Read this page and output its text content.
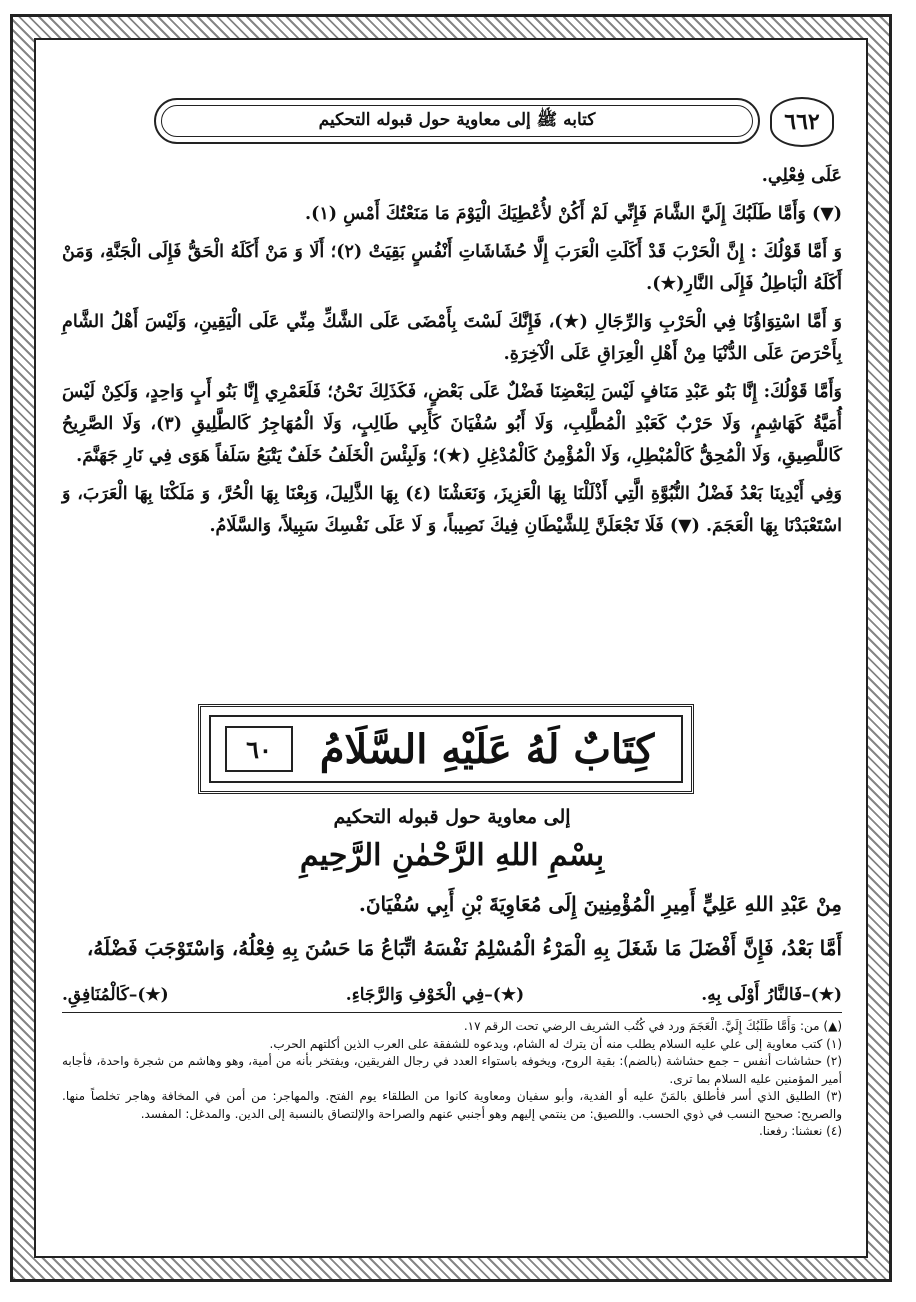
٦٦٢
كتابه ﷺ إلى معاوية حول قبوله التحكيم

عَلَى فِعْلِي.

(▼) وَأَمَّا طَلَبُكَ إِلَيَّ الشَّامَ فَإِنِّي لَمْ أَكُنْ لأُعْطِيَكَ الْيَوْمَ مَا مَنَعْتُكَ أَمْسِ (١).

وَ أَمَّا قَوْلُكَ : إِنَّ الْحَرْبَ قَدْ أَكَلَتِ الْعَرَبَ إِلَّا حُشَاشَاتِ أَنْفُسٍ بَقِيَتْ (٢)؛ أَلَا وَ مَنْ أَكَلَهُ الْحَقُّ فَإِلَى الْجَنَّةِ، وَمَنْ أَكَلَهُ الْبَاطِلُ فَإِلَى النَّارِ(★).

وَ أَمَّا اسْتِوَاؤُنَا فِي الْحَرْبِ وَالرِّجَالِ (★)، فَإِنَّكَ لَسْتَ بِأَمْضَى عَلَى الشَّكِّ مِنِّي عَلَى الْيَقِينِ، وَلَيْسَ أَهْلُ الشَّامِ بِأَحْرَصَ عَلَى الدُّنْيَا مِنْ أَهْلِ الْعِرَاقِ عَلَى الْآخِرَةِ.

وَأَمَّا قَوْلُكَ: إِنَّا بَنُو عَبْدِ مَنَافٍ لَيْسَ لِبَعْضِنَا فَضْلٌ عَلَى بَعْضٍ، فَكَذَلِكَ نَحْنُ؛ فَلَعَمْرِي إِنَّا بَنُو أَبٍ وَاحِدٍ، وَلَكِنْ لَيْسَ أُمَيَّةُ كَهَاشِمٍ، وَلَا حَرْبٌ كَعَبْدِ الْمُطَّلِبِ، وَلَا أَبُو سُفْيَانَ كَأَبِي طَالِبٍ، وَلَا الْمُهَاجِرُ كَالطَّلِيقِ (٣)، وَلَا الصَّرِيحُ كَاللَّصِيقِ، وَلَا الْمُحِقُّ كَالْمُبْطِلِ، وَلَا الْمُؤْمِنُ كَالْمُدْغِلِ (★)؛ وَلَبِئْسَ الْخَلَفُ خَلَفٌ يَتْبَعُ سَلَفاً هَوَى فِي نَارِ جَهَنَّمَ.

وَفِي أَيْدِينَا بَعْدُ فَضْلُ النُّبُوَّةِ الَّتِي أَذْلَلْنَا بِهَا الْعَزِيزَ، وَنَعَشْنَا (٤) بِهَا الذَّلِيلَ، وَبِعْنَا بِهَا الْحُرَّ، وَ مَلَكْنَا بِهَا الْعَرَبَ، وَ اسْتَعْبَدْنَا بِهَا الْعَجَمَ. (▼) فَلَا تَجْعَلَنَّ لِلشَّيْطَانِ فِيكَ نَصِيباً، وَ لَا عَلَى نَفْسِكَ سَبِيلاً، وَالسَّلَامُ.

كِتَابٌ لَهُ عَلَيْهِ السَّلَامُ
٦٠
إلى معاوية حول قبوله التحكيم
بِسْمِ اللهِ الرَّحْمٰنِ الرَّحِيمِ
مِنْ عَبْدِ اللهِ عَلِيٍّ أَمِيرِ الْمُؤْمِنِينَ إِلَى مُعَاوِيَةَ بْنِ أَبِي سُفْيَانَ.
أَمَّا بَعْدُ، فَإِنَّ أَفْضَلَ مَا شَغَلَ بِهِ الْمَرْءُ الْمُسْلِمُ نَفْسَهُ اتِّبَاعُ مَا حَسُنَ بِهِ فِعْلُهُ، وَاسْتَوْجَبَ فَضْلَهُ،
(★)–فَالنَّارُ أَوْلَى بِهِ.
(★)–فِي الْخَوْفِ وَالرَّجَاءِ.
(★)–كَالْمُنَافِقِ.

(▲) من: وَأَمَّا طَلَبُكَ إِلَيَّ. الْعَجَمَ ورد في كُتُب الشريف الرضي تحت الرقم ١٧.

(١) كتب معاوية إلى علي عليه السلام يطلب منه أن يترك له الشام، ويدعوه للشفقة على العرب الذين أكلتهم الحرب.

(٢) حشاشات أنفس – جمع حشاشة (بالضم): بقية الروح، ويخوفه باستواء العدد في رجال الفريقين، ويفتخر بأنه من أمية، وهو وهاشم من شجرة واحدة، فأجابه أمير المؤمنين عليه السلام بما ترى.

(٣) الطليق الذي أسر فأطلق بالمَنّ عليه أو الفدية، وأبو سفيان ومعاوية كانوا من الطلقاء يوم الفتح. والمهاجر: من أمن في المخافة وهاجر تخلصاً منها. والصريح: صحيح النسب في ذوي الحسب. واللصيق: من ينتمي إليهم وهو أجنبي عنهم والصراحة والإلتصاق بالنسبة إلى الدين. والمدغل: المفسد.

(٤) نعشنا: رفعنا.
